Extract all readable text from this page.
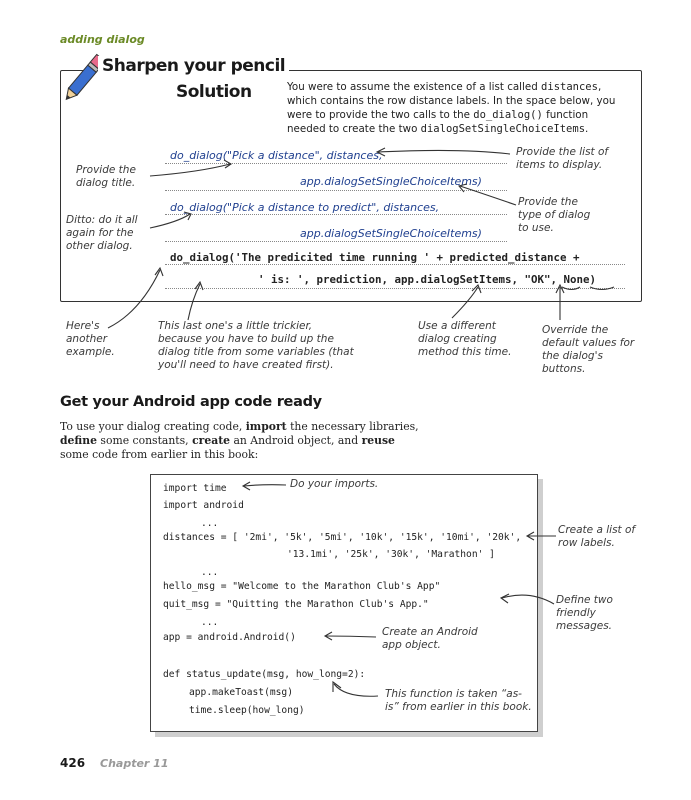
adding dialog
Sharpen your pencil
Solution	You were to assume the existence of a list called distances, which contains the row distance labels. In the space below, you were to provide the two calls to the do_dialog() function needed to create the two dialogSetSingleChoiceItems.
do_dialog("Pick a distance", distances,
app.dialogSetSingleChoiceItems)
do_dialog("Pick a distance to predict", distances,
app.dialogSetSingleChoiceItems)
do_dialog('The predicited time running ' + predicted_distance +
' is: ', prediction, app.dialogSetItems, "OK", None)
Provide the dialog title.
Ditto: do it all again for the other dialog.
Provide the list of items to display.
Provide the type of dialog to use.
Here's another example.
This last one's a little trickier, because you have to build up the dialog title from some variables (that you'll need to have created first).
Use a different dialog creating method this time.
Override the default values for the dialog's buttons.
Get your Android app code ready
To use your dialog creating code, import the necessary libraries, define some constants, create an Android object, and reuse some code from earlier in this book:
import time
import android
...
distances = [ '2mi', '5k', '5mi', '10k', '15k', '10mi', '20k',
'13.1mi', '25k', '30k', 'Marathon' ]
...
hello_msg = "Welcome to the Marathon Club's App"
quit_msg = "Quitting the Marathon Club's App."
...
app = android.Android()
def status_update(msg, how_long=2):
app.makeToast(msg)
time.sleep(how_long)
Do your imports.
Create a list of row labels.
Define two friendly messages.
Create an Android app object.
This function is taken “as-is” from earlier in this book.
426 Chapter 11
